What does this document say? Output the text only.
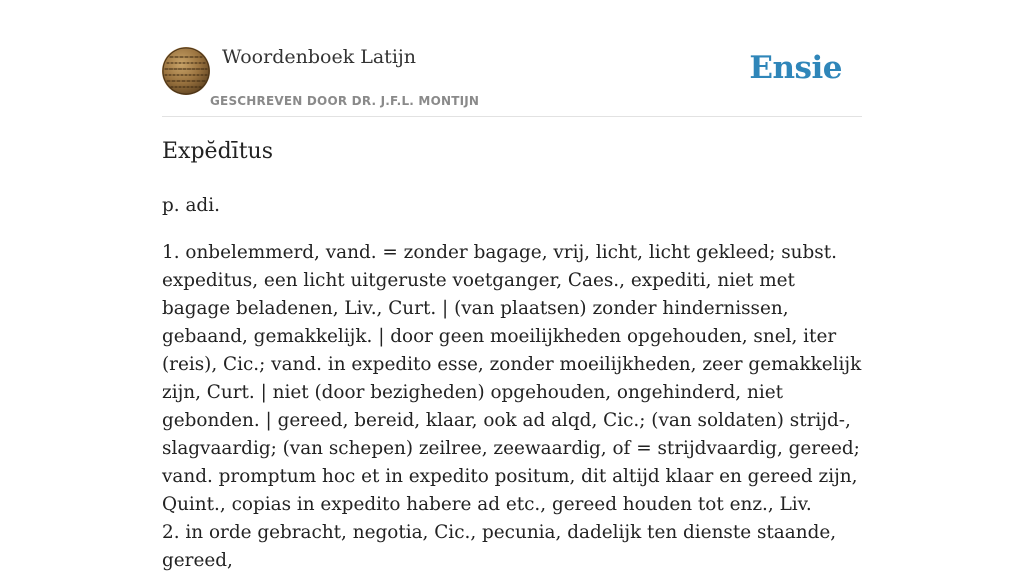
Woordenboek Latijn
GESCHREVEN DOOR DR. J.F.L. MONTIJN
Ensie
Expĕdītus

p. adi.

1. onbelemmerd, vand. = zonder bagage, vrij, licht, licht gekleed; subst. expeditus, een licht uitgeruste voetganger, Caes., expediti, niet met bagage beladenen, Liv., Curt. | (van plaatsen) zonder hindernissen, gebaand, gemakkelijk. | door geen moeilijkheden opgehouden, snel, iter (reis), Cic.; vand. in expedito esse, zonder moeilijkheden, zeer gemakkelijk zijn, Curt. | niet (door bezigheden) opgehouden, ongehinderd, niet gebonden. | gereed, bereid, klaar, ook ad alqd, Cic.; (van soldaten) strijd-, slagvaardig; (van schepen) zeilree, zeewaardig, of = strijdvaardig, gereed; vand. promptum hoc et in expedito positum, dit altijd klaar en gereed zijn, Quint., copias in expedito habere ad etc., gereed houden tot enz., Liv.

2. in orde gebracht, negotia, Cic., pecunia, dadelijk ten dienste staande, gereed,
